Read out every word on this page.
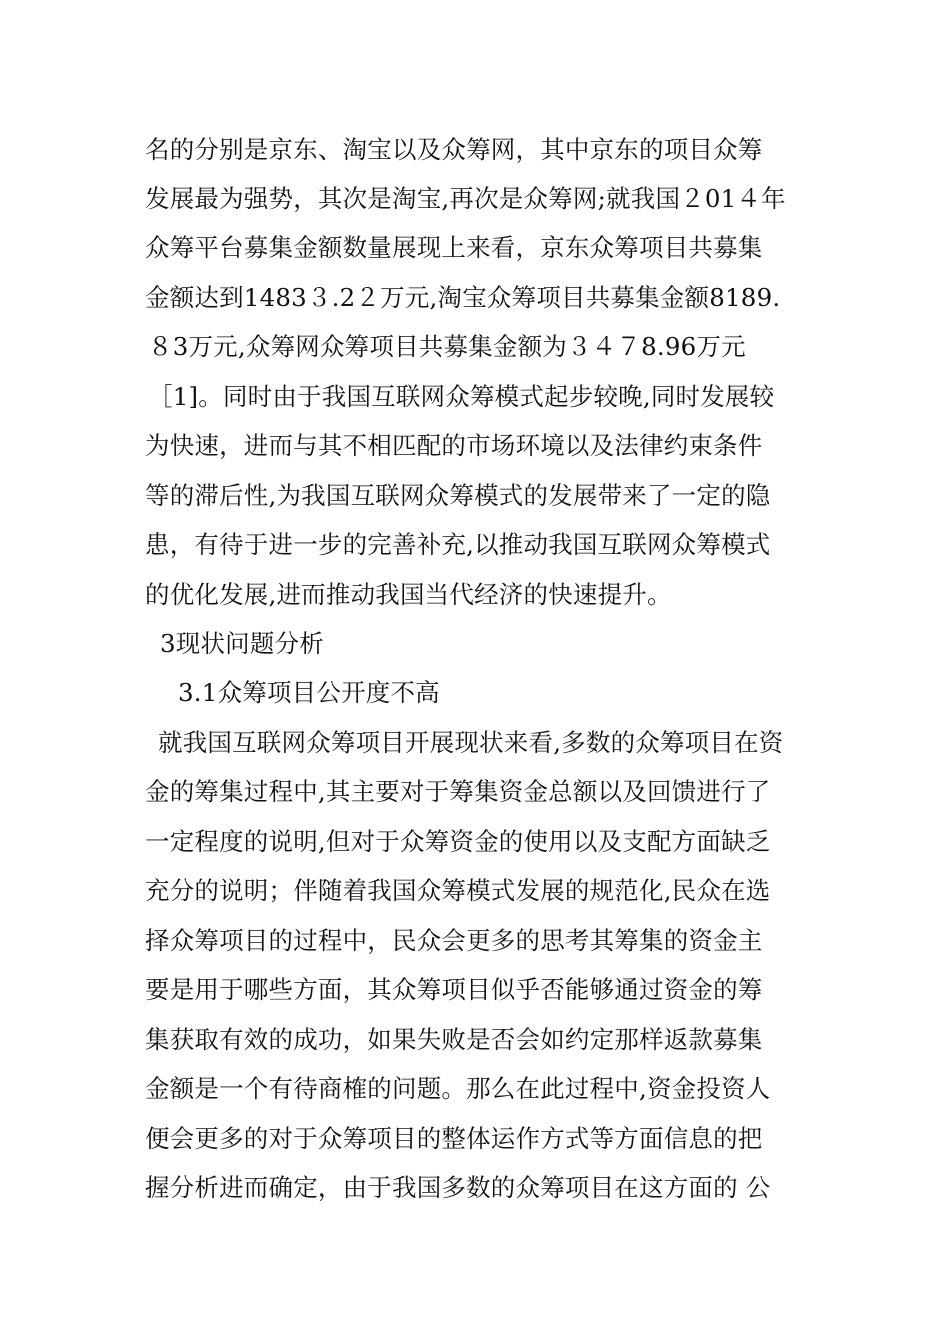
名的分别是京东、淘宝以及众筹网，其中京东的项目众筹
发展最为强势，其次是淘宝,再次是众筹网;就我国２01４年
众筹平台募集金额数量展现上来看，京东众筹项目共募集
金额达到1483３.2２万元,淘宝众筹项目共募集金额8189.
８3万元,众筹网众筹项目共募集金额为３４７8.96万元
［1]。同时由于我国互联网众筹模式起步较晚,同时发展较
为快速，进而与其不相匹配的市场环境以及法律约束条件
等的滞后性,为我国互联网众筹模式的发展带来了一定的隐
患，有待于进一步的完善补充,以推动我国互联网众筹模式
的优化发展,进而推动我国当代经济的快速提升。
3现状问题分析
3.1众筹项目公开度不高
就我国互联网众筹项目开展现状来看,多数的众筹项目在资
金的筹集过程中,其主要对于筹集资金总额以及回馈进行了
一定程度的说明,但对于众筹资金的使用以及支配方面缺乏
充分的说明；伴随着我国众筹模式发展的规范化,民众在选
择众筹项目的过程中，民众会更多的思考其筹集的资金主
要是用于哪些方面，其众筹项目似乎否能够通过资金的筹
集获取有效的成功，如果失败是否会如约定那样返款募集
金额是一个有待商榷的问题。那么在此过程中,资金投资人
便会更多的对于众筹项目的整体运作方式等方面信息的把
握分析进而确定，由于我国多数的众筹项目在这方面的 公
